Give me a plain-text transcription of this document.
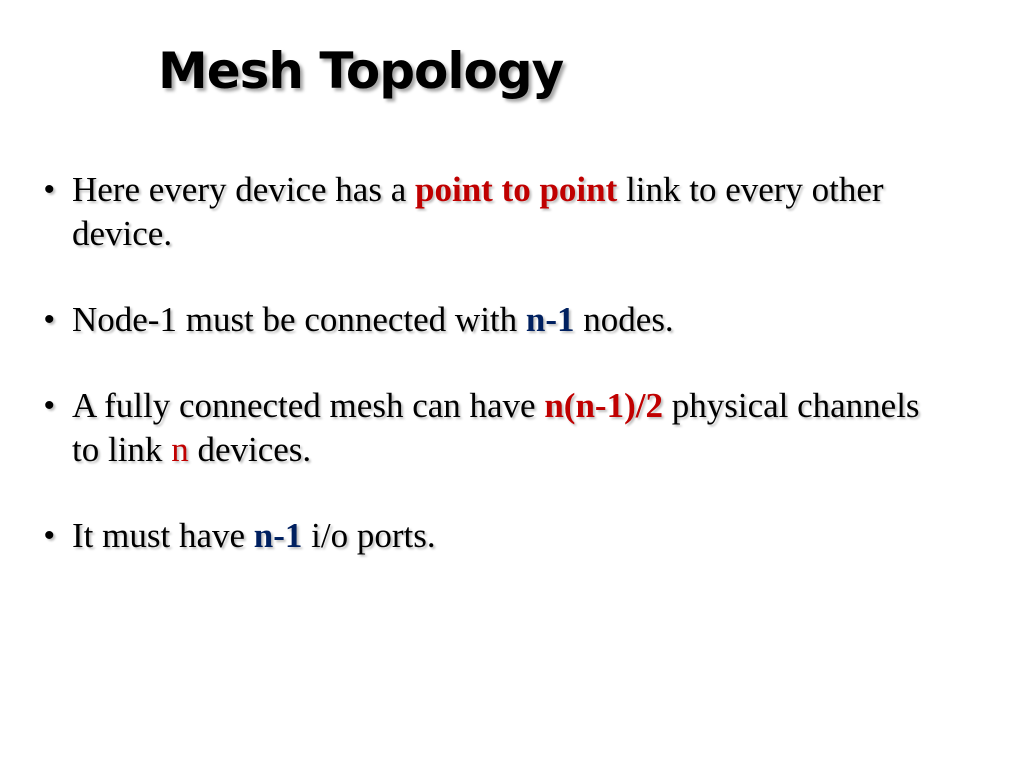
Mesh Topology
• Here every device has a point to point link to every other device.
• Node-1 must be connected with n-1 nodes.
• A fully connected mesh can have n(n-1)/2 physical channels to link n devices.
• It must have n-1 i/o ports.
